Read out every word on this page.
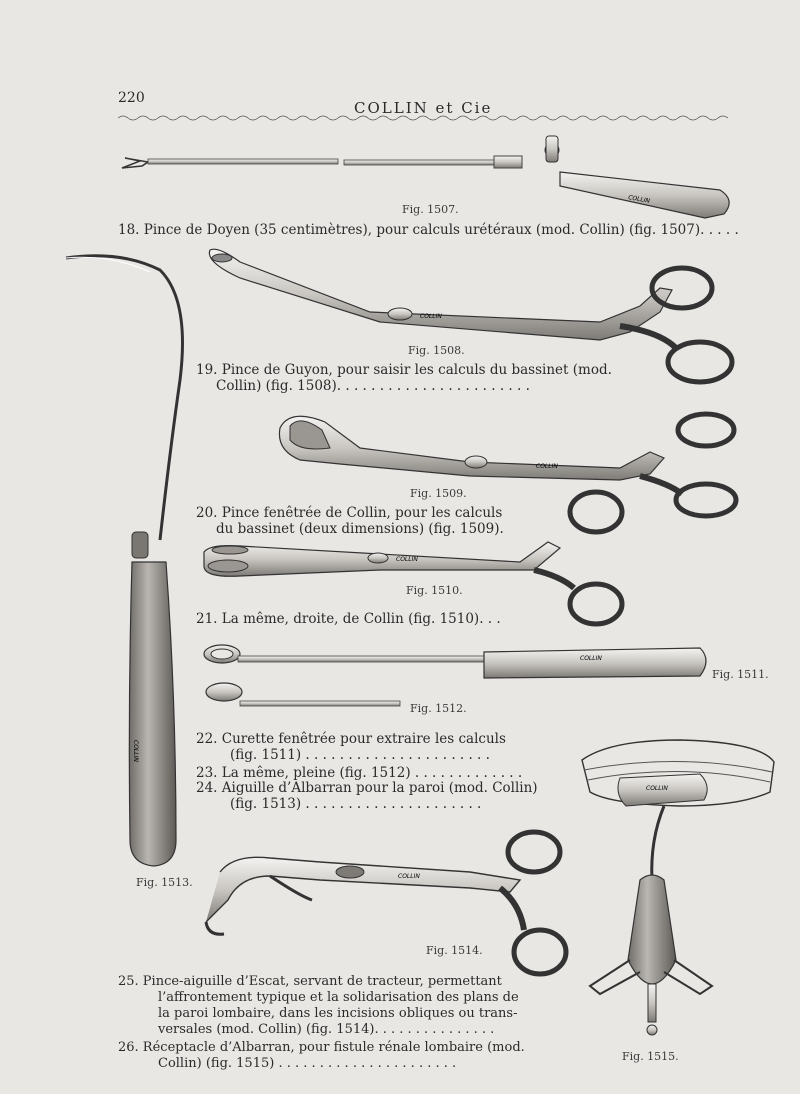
220
COLLIN et Cie
COLLIN
COLLIN
COLLIN
COLLIN
COLLIN
COLLIN
COLLIN
COLLIN
Fig. 1507.
Fig. 1508.
Fig. 1509.
Fig. 1510.
Fig. 1511.
Fig. 1512.
Fig. 1513.
Fig. 1514.
Fig. 1515.
18. Pince de Doyen (35 centimètres), pour calculs urétéraux (mod. Collin) (fig. 1507). . . . .
19. Pince de Guyon, pour saisir les calculs du bassinet (mod.
Collin) (fig. 1508). . . . . . . . . . . . . . . . . . . . . . .
20. Pince fenêtrée de Collin, pour les calculs
du bassinet (deux dimensions) (fig. 1509).
21. La même, droite, de Collin (fig. 1510). . .
22. Curette fenêtrée pour extraire les calculs
(fig. 1511) . . . . . . . . . . . . . . . . . . . . . .
23. La même, pleine (fig. 1512) . . . . . . . . . . . . .
24. Aiguille d’Albarran pour la paroi (mod. Collin)
(fig. 1513) . . . . . . . . . . . . . . . . . . . . .
25. Pince-aiguille d’Escat, servant de tracteur, permettant
l’affrontement typique et la solidarisation des plans de
la paroi lombaire, dans les incisions obliques ou trans-
versales (mod. Collin) (fig. 1514). . . . . . . . . . . . . . .
26. Réceptacle d’Albarran, pour fistule rénale lombaire (mod.
Collin) (fig. 1515) . . . . . . . . . . . . . . . . . . . . . .
